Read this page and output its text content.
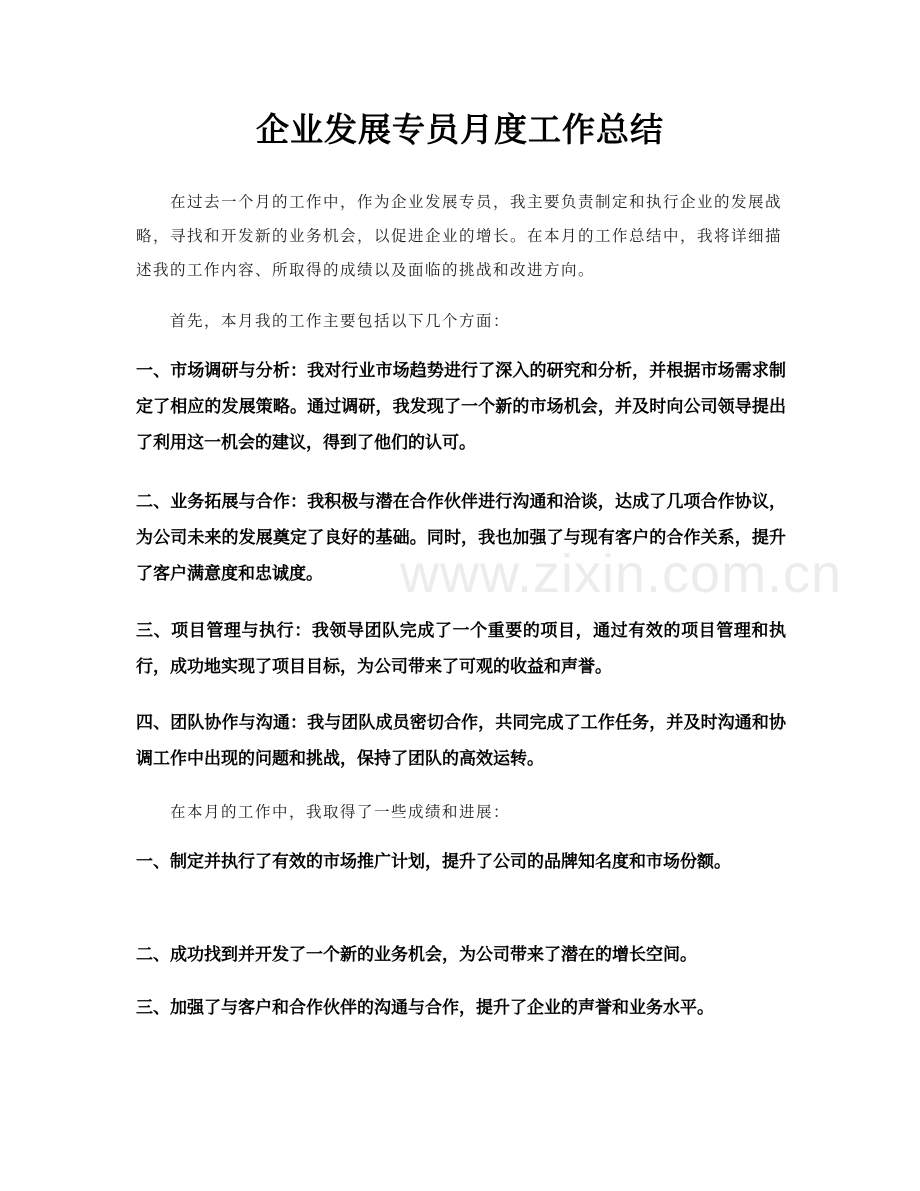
企业发展专员月度工作总结

在过去一个月的工作中，作为企业发展专员，我主要负责制定和执行企业的发展战略，寻找和开发新的业务机会，以促进企业的增长。在本月的工作总结中，我将详细描述我的工作内容、所取得的成绩以及面临的挑战和改进方向。

首先，本月我的工作主要包括以下几个方面：

一、市场调研与分析：我对行业市场趋势进行了深入的研究和分析，并根据市场需求制定了相应的发展策略。通过调研，我发现了一个新的市场机会，并及时向公司领导提出了利用这一机会的建议，得到了他们的认可。

二、业务拓展与合作：我积极与潜在合作伙伴进行沟通和洽谈，达成了几项合作协议，为公司未来的发展奠定了良好的基础。同时，我也加强了与现有客户的合作关系，提升了客户满意度和忠诚度。

三、项目管理与执行：我领导团队完成了一个重要的项目，通过有效的项目管理和执行，成功地实现了项目目标，为公司带来了可观的收益和声誉。

四、团队协作与沟通：我与团队成员密切合作，共同完成了工作任务，并及时沟通和协调工作中出现的问题和挑战，保持了团队的高效运转。

在本月的工作中，我取得了一些成绩和进展：

一、制定并执行了有效的市场推广计划，提升了公司的品牌知名度和市场份额。

二、成功找到并开发了一个新的业务机会，为公司带来了潜在的增长空间。

三、加强了与客户和合作伙伴的沟通与合作，提升了企业的声誉和业务水平。

www.zixin.com.cn
